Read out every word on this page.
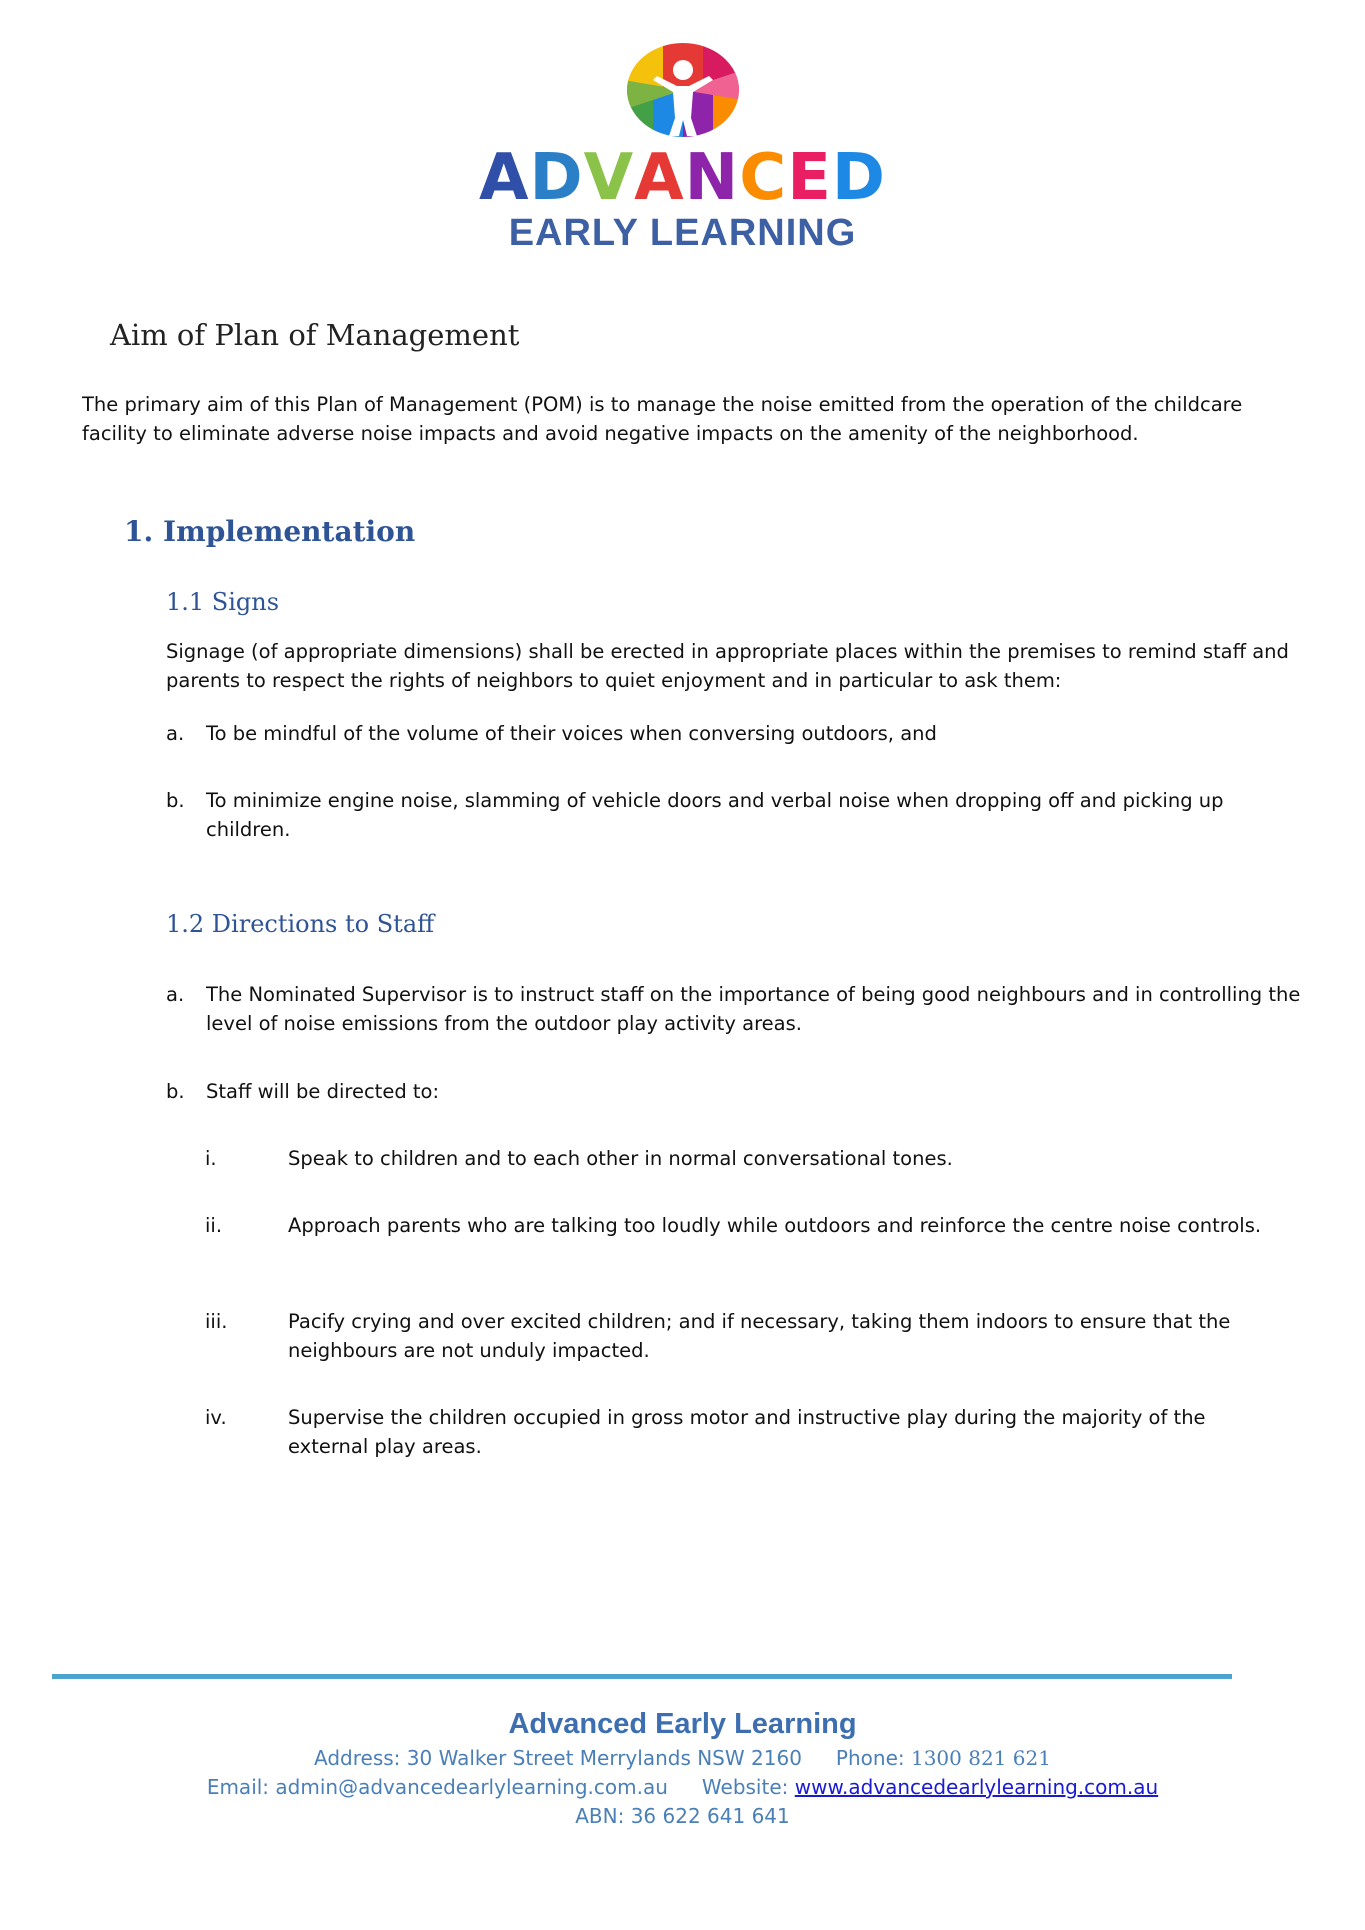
ADVANCED
EARLY LEARNING
Aim of Plan of Management
The primary aim of this Plan of Management (POM) is to manage the noise emitted from the operation of the childcare facility to eliminate adverse noise impacts and avoid negative impacts on the amenity of the neighborhood.
1. Implementation
1.1 Signs
Signage (of appropriate dimensions) shall be erected in appropriate places within the premises to remind staff and parents to respect the rights of neighbors to quiet enjoyment and in particular to ask them:
a. To be mindful of the volume of their voices when conversing outdoors, and
b. To minimize engine noise, slamming of vehicle doors and verbal noise when dropping off and picking up children.
1.2 Directions to Staff
a. The Nominated Supervisor is to instruct staff on the importance of being good neighbours and in controlling the level of noise emissions from the outdoor play activity areas.
b. Staff will be directed to:
i.	Speak to children and to each other in normal conversational tones.
ii.	Approach parents who are talking too loudly while outdoors and reinforce the centre noise controls.
iii.	Pacify crying and over excited children; and if necessary, taking them indoors to ensure that the neighbours are not unduly impacted.
iv.	Supervise the children occupied in gross motor and instructive play during the majority of the external play areas.
Advanced Early Learning
Address: 30 Walker Street Merrylands NSW 2160 Phone: 1300 821 621
Email: admin@advancedearlylearning.com.au Website: www.advancedearlylearning.com.au
ABN: 36 622 641 641
